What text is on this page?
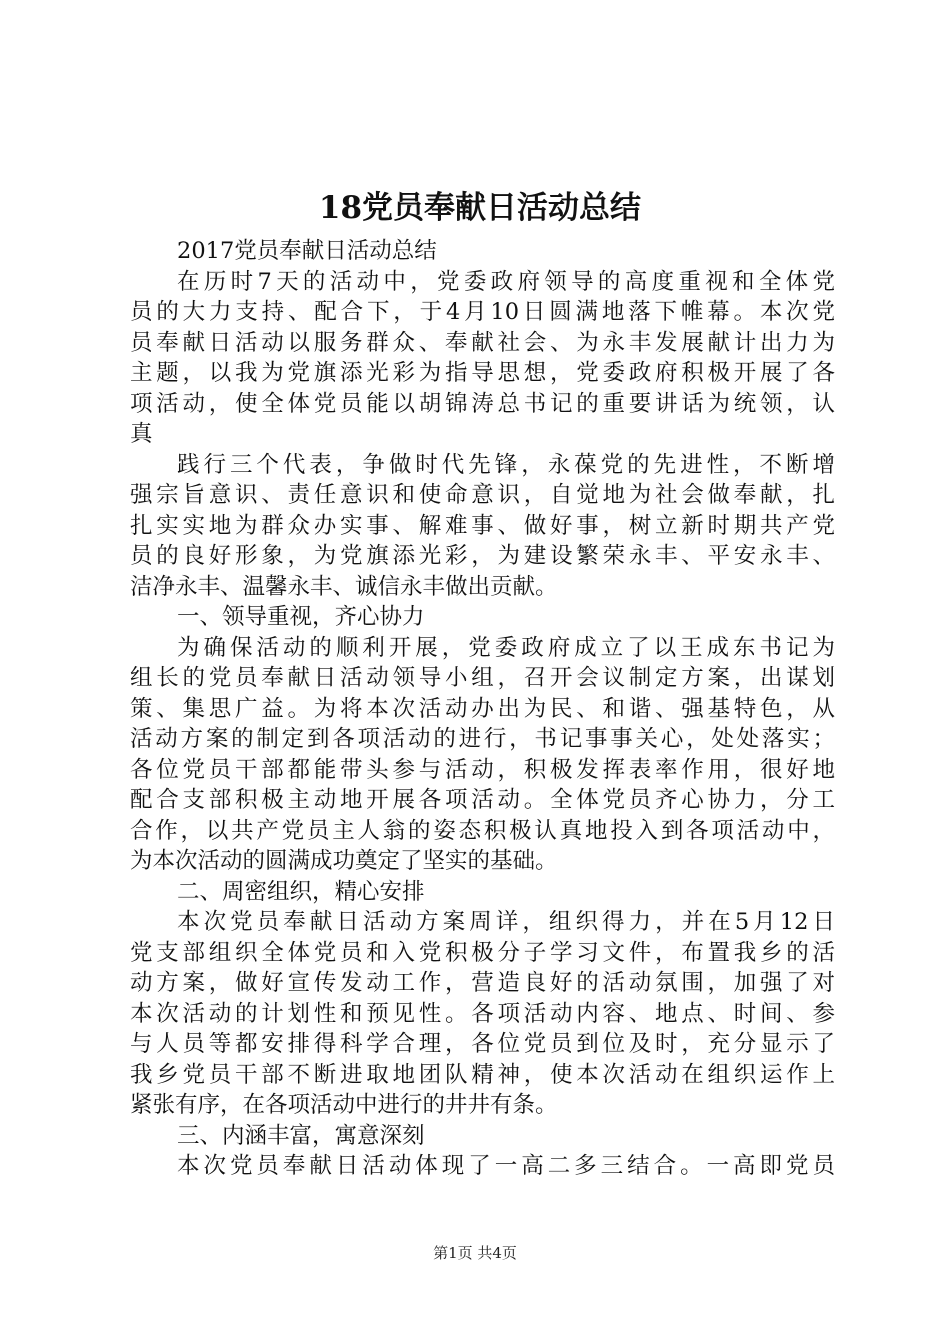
18党员奉献日活动总结
2017党员奉献日活动总结
在历时7天的活动中，党委政府领导的高度重视和全体党
员的大力支持、配合下，于4月10日圆满地落下帷幕。本次党
员奉献日活动以服务群众、奉献社会、为永丰发展献计出力为
主题，以我为党旗添光彩为指导思想，党委政府积极开展了各
项活动，使全体党员能以胡锦涛总书记的重要讲话为统领，认
真
践行三个代表，争做时代先锋，永葆党的先进性，不断增
强宗旨意识、责任意识和使命意识，自觉地为社会做奉献，扎
扎实实地为群众办实事、解难事、做好事，树立新时期共产党
员的良好形象，为党旗添光彩，为建设繁荣永丰、平安永丰、
洁净永丰、温馨永丰、诚信永丰做出贡献。
一、领导重视，齐心协力
为确保活动的顺利开展，党委政府成立了以王成东书记为
组长的党员奉献日活动领导小组，召开会议制定方案，出谋划
策、集思广益。为将本次活动办出为民、和谐、强基特色，从
活动方案的制定到各项活动的进行，书记事事关心，处处落实；
各位党员干部都能带头参与活动，积极发挥表率作用，很好地
配合支部积极主动地开展各项活动。全体党员齐心协力，分工
合作，以共产党员主人翁的姿态积极认真地投入到各项活动中，
为本次活动的圆满成功奠定了坚实的基础。
二、周密组织，精心安排
本次党员奉献日活动方案周详，组织得力，并在5月12日
党支部组织全体党员和入党积极分子学习文件，布置我乡的活
动方案，做好宣传发动工作，营造良好的活动氛围，加强了对
本次活动的计划性和预见性。各项活动内容、地点、时间、参
与人员等都安排得科学合理，各位党员到位及时，充分显示了
我乡党员干部不断进取地团队精神，使本次活动在组织运作上
紧张有序，在各项活动中进行的井井有条。
三、内涵丰富，寓意深刻
本次党员奉献日活动体现了一高二多三结合。一高即党员
第1页 共4页
